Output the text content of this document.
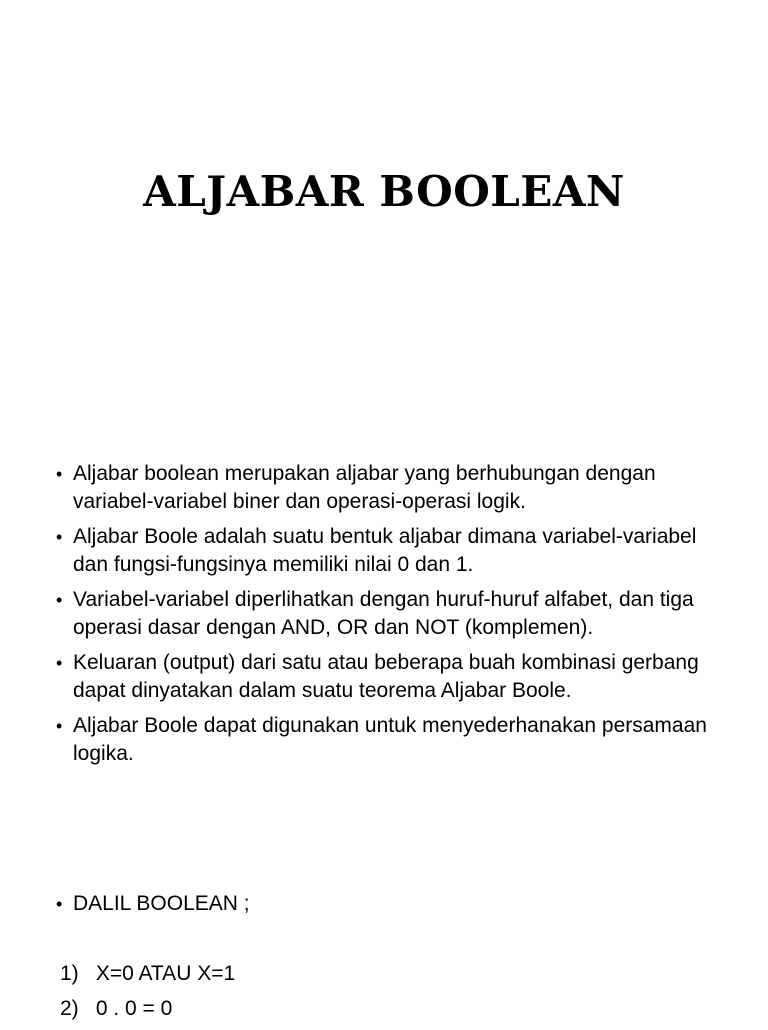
ALJABAR BOOLEAN
• Aljabar boolean merupakan aljabar yang berhubungan dengan variabel-variabel biner dan operasi-operasi logik.
• Aljabar Boole adalah suatu bentuk aljabar dimana variabel-variabel dan fungsi-fungsinya memiliki nilai 0 dan 1.
• Variabel-variabel diperlihatkan dengan huruf-huruf alfabet, dan tiga operasi dasar dengan AND, OR dan NOT (komplemen).
• Keluaran (output) dari satu atau beberapa buah kombinasi gerbang dapat dinyatakan dalam suatu teorema Aljabar Boole.
• Aljabar Boole dapat digunakan untuk menyederhanakan persamaan logika.
• DALIL BOOLEAN ;
1) X=0 ATAU X=1
2) 0 . 0 = 0
